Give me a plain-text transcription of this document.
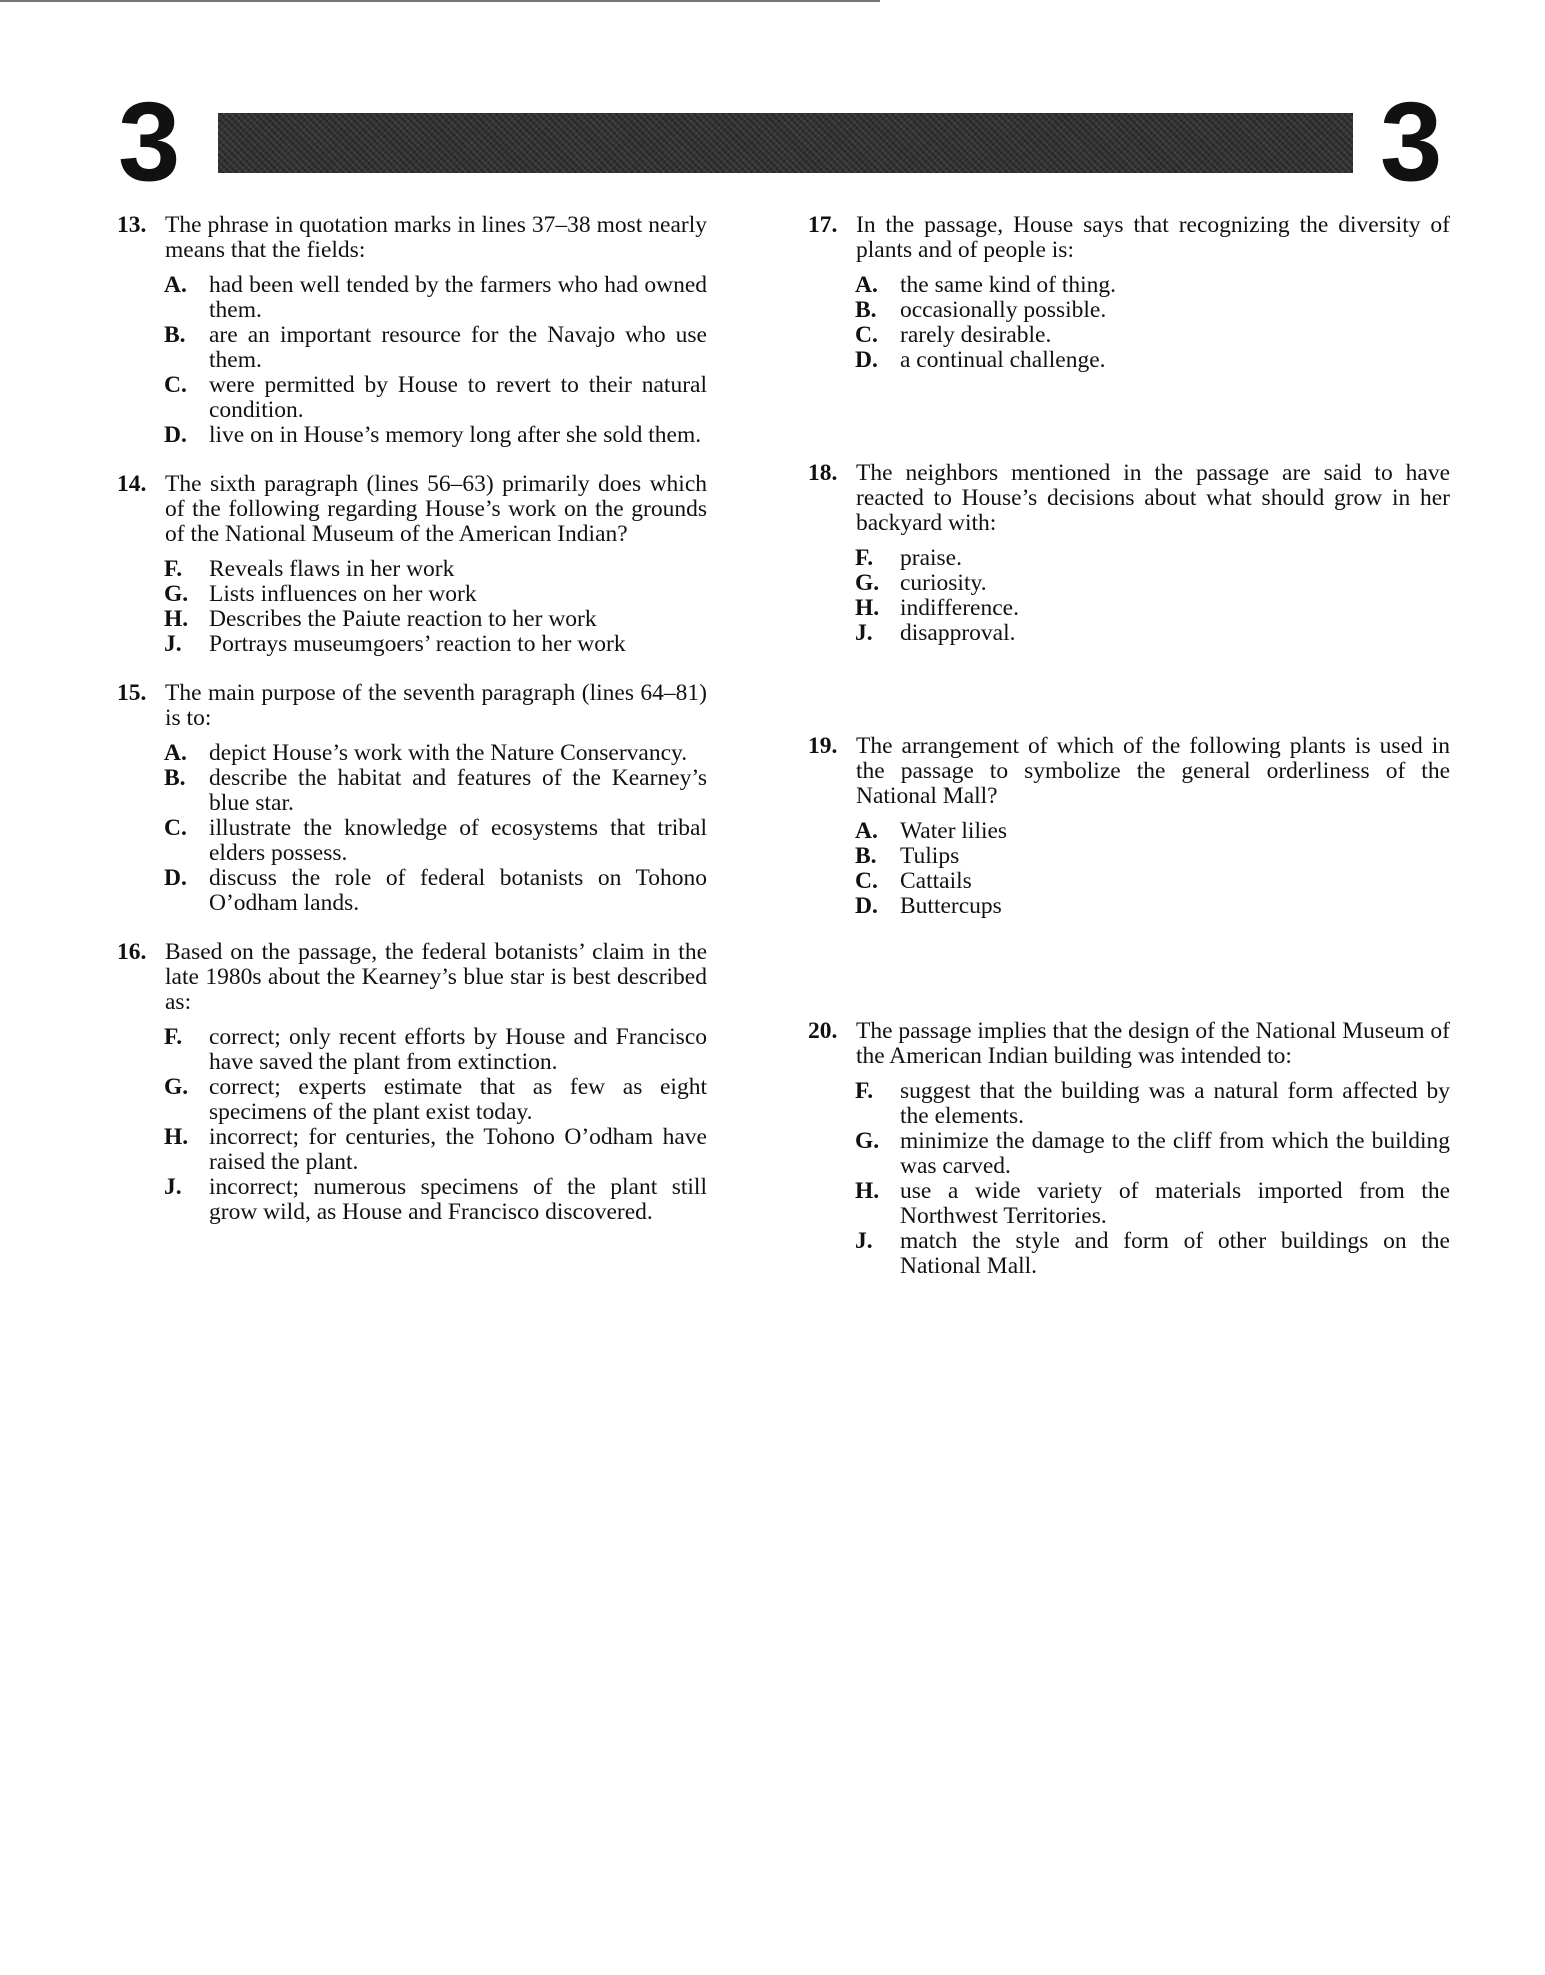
3	3
13. The phrase in quotation marks in lines 37–38 most nearly means that the fields:
A. had been well tended by the farmers who had owned them.
B. are an important resource for the Navajo who use them.
C. were permitted by House to revert to their natural condition.
D. live on in House’s memory long after she sold them.
14. The sixth paragraph (lines 56–63) primarily does which of the following regarding House’s work on the grounds of the National Museum of the American Indian?
F. Reveals flaws in her work
G. Lists influences on her work
H. Describes the Paiute reaction to her work
J. Portrays museumgoers’ reaction to her work
15. The main purpose of the seventh paragraph (lines 64–81) is to:
A. depict House’s work with the Nature Conservancy.
B. describe the habitat and features of the Kearney’s blue star.
C. illustrate the knowledge of ecosystems that tribal elders possess.
D. discuss the role of federal botanists on Tohono O’odham lands.
16. Based on the passage, the federal botanists’ claim in the late 1980s about the Kearney’s blue star is best described as:
F. correct; only recent efforts by House and Francisco have saved the plant from extinction.
G. correct; experts estimate that as few as eight specimens of the plant exist today.
H. incorrect; for centuries, the Tohono O’odham have raised the plant.
J. incorrect; numerous specimens of the plant still grow wild, as House and Francisco discovered.
17. In the passage, House says that recognizing the diversity of plants and of people is:
A. the same kind of thing.
B. occasionally possible.
C. rarely desirable.
D. a continual challenge.
18. The neighbors mentioned in the passage are said to have reacted to House’s decisions about what should grow in her backyard with:
F. praise.
G. curiosity.
H. indifference.
J. disapproval.
19. The arrangement of which of the following plants is used in the passage to symbolize the general orderliness of the National Mall?
A. Water lilies
B. Tulips
C. Cattails
D. Buttercups
20. The passage implies that the design of the National Museum of the American Indian building was intended to:
F. suggest that the building was a natural form affected by the elements.
G. minimize the damage to the cliff from which the building was carved.
H. use a wide variety of materials imported from the Northwest Territories.
J. match the style and form of other buildings on the National Mall.
